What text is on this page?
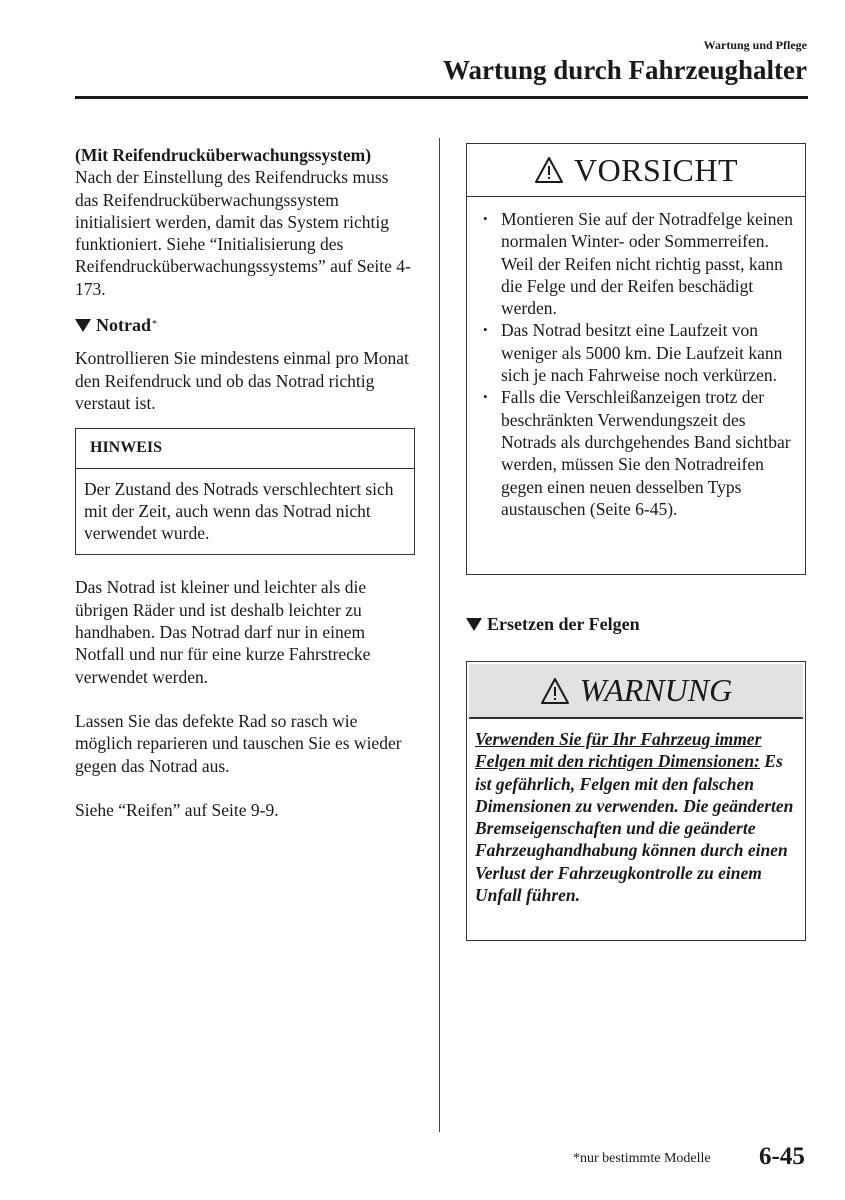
Wartung und Pflege
Wartung durch Fahrzeughalter

(Mit Reifendrucküberwachungssystem)

Nach der Einstellung des Reifendrucks muss das Reifendrucküberwachungssystem initialisiert werden, damit das System richtig funktioniert. Siehe “Initialisierung des Reifendrucküberwachungssystems” auf Seite 4-173.

Notrad *

Kontrollieren Sie mindestens einmal pro Monat den Reifendruck und ob das Notrad richtig verstaut ist.

HINWEIS
Der Zustand des Notrads verschlechtert sich mit der Zeit, auch wenn das Notrad nicht verwendet wurde.

Das Notrad ist kleiner und leichter als die übrigen Räder und ist deshalb leichter zu handhaben. Das Notrad darf nur in einem Notfall und nur für eine kurze Fahrstrecke verwendet werden.

Lassen Sie das defekte Rad so rasch wie möglich reparieren und tauschen Sie es wieder gegen das Notrad aus.

Siehe “Reifen” auf Seite 9-9.

VORSICHT
• Montieren Sie auf der Notradfelge keinen normalen Winter- oder Sommerreifen. Weil der Reifen nicht richtig passt, kann die Felge und der Reifen beschädigt werden.
• Das Notrad besitzt eine Laufzeit von weniger als 5000 km. Die Laufzeit kann sich je nach Fahrweise noch verkürzen.
• Falls die Verschleißanzeigen trotz der beschränkten Verwendungszeit des Notrads als durchgehendes Band sichtbar werden, müssen Sie den Notradreifen gegen einen neuen desselben Typs austauschen (Seite 6-45).
Ersetzen der Felgen
WARNUNG
Verwenden Sie für Ihr Fahrzeug immer Felgen mit den richtigen Dimensionen: Es ist gefährlich, Felgen mit den falschen Dimensionen zu verwenden. Die geänderten Bremseigenschaften und die geänderte Fahrzeughandhabung können durch einen Verlust der Fahrzeugkontrolle zu einem Unfall führen.
*nur bestimmte Modelle 6-45
